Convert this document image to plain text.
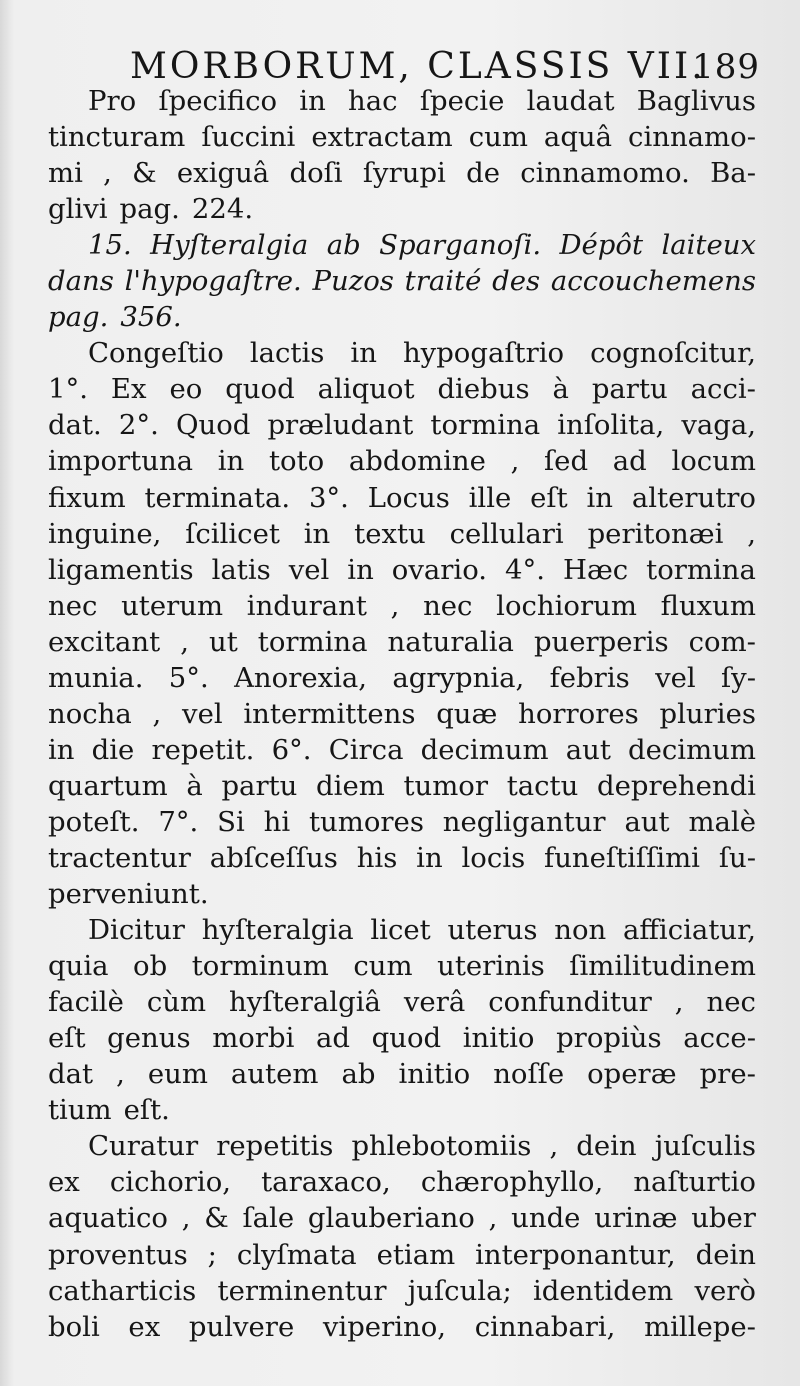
MORBORUM, CLASSIS VII.
189
Pro ſpecifico in hac ſpecie laudat Baglivus
tincturam ſuccini extractam cum aquâ cinnamo-
mi , & exiguâ doſi ſyrupi de cinnamomo. Ba-
glivi pag. 224.
15. Hyſteralgia ab Sparganoſi. Dépôt laiteux
dans l'hypogaſtre. Puzos traité des accouchemens
pag. 356.
Congeſtio lactis in hypogaſtrio cognoſcitur,
1°. Ex eo quod aliquot diebus à partu acci-
dat. 2°. Quod præludant tormina inſolita, vaga,
importuna in toto abdomine , ſed ad locum
fixum terminata. 3°. Locus ille eſt in alterutro
inguine, ſcilicet in textu cellulari peritonæi ,
ligamentis latis vel in ovario. 4°. Hæc tormina
nec uterum indurant , nec lochiorum fluxum
excitant , ut tormina naturalia puerperis com-
munia. 5°. Anorexia, agrypnia, febris vel ſy-
nocha , vel intermittens quæ horrores pluries
in die repetit. 6°. Circa decimum aut decimum
quartum à partu diem tumor tactu deprehendi
poteſt. 7°. Si hi tumores negligantur aut malè
tractentur abſceſſus his in locis funeſtiſſimi ſu-
perveniunt.
Dicitur hyſteralgia licet uterus non afficiatur,
quia ob torminum cum uterinis ſimilitudinem
facilè cùm hyſteralgiâ verâ confunditur , nec
eſt genus morbi ad quod initio propiùs acce-
dat , eum autem ab initio noſſe operæ pre-
tium eſt.
Curatur repetitis phlebotomiis , dein juſculis
ex cichorio, taraxaco, chærophyllo, naſturtio
aquatico , & ſale glauberiano , unde urinæ uber
proventus ; clyſmata etiam interponantur, dein
catharticis terminentur juſcula; identidem verò
boli ex pulvere viperino, cinnabari, millepe-
